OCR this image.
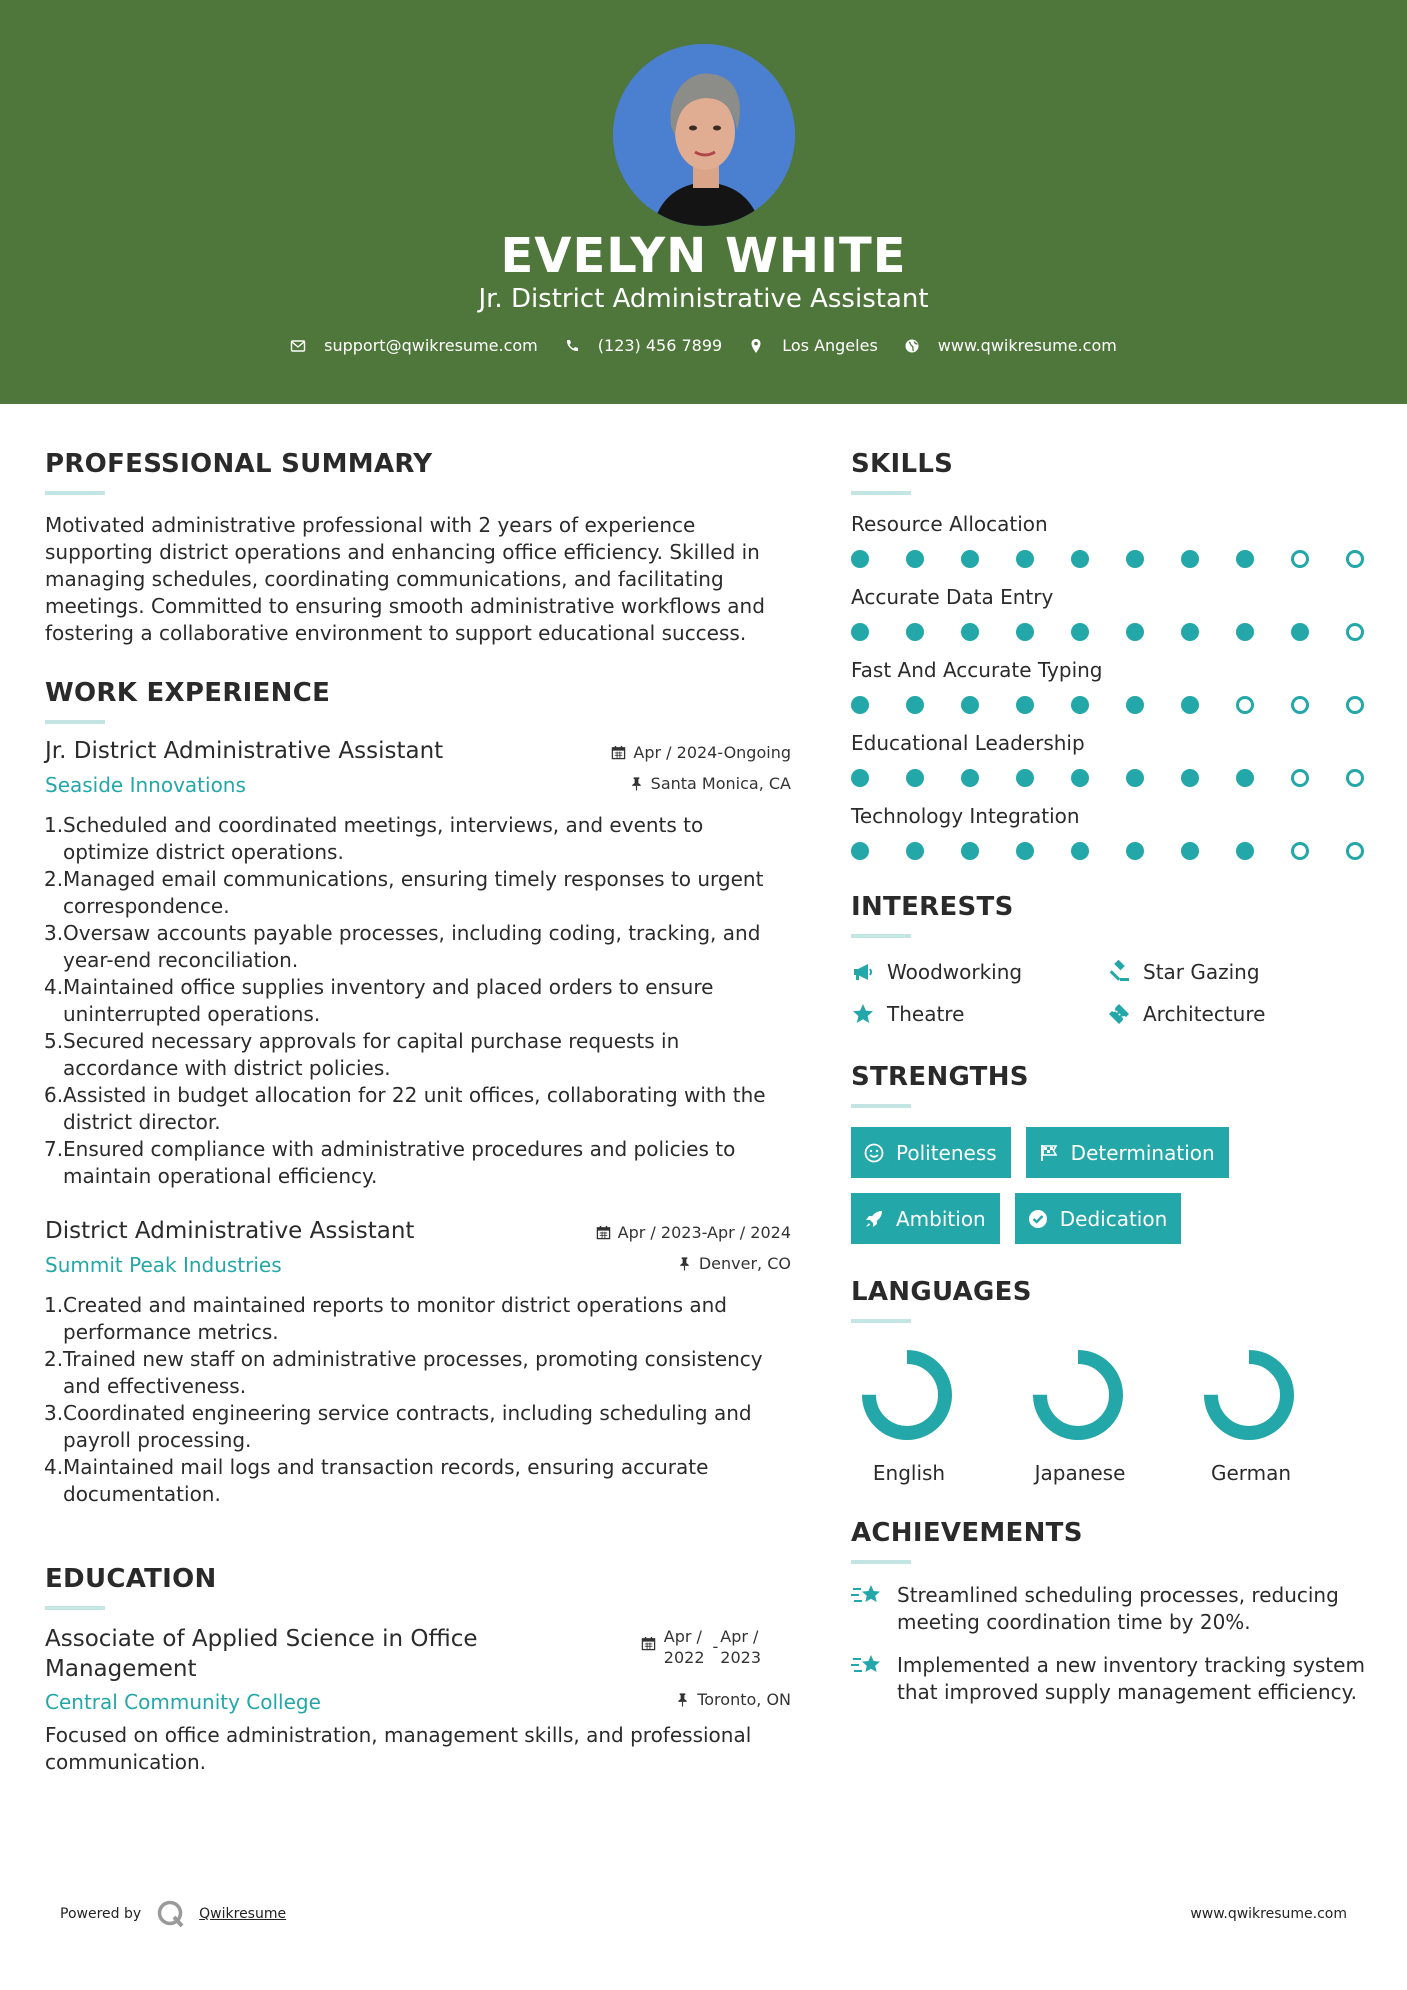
EVELYN WHITE
Jr. District Administrative Assistant
support@qwikresume.com	(123) 456 7899	Los Angeles	www.qwikresume.com
PROFESSIONAL SUMMARY
Motivated administrative professional with 2 years of experience supporting district operations and enhancing office efficiency. Skilled in managing schedules, coordinating communications, and facilitating meetings. Committed to ensuring smooth administrative workflows and fostering a collaborative environment to support educational success.
WORK EXPERIENCE
Jr. District Administrative Assistant
Seaside Innovations
Apr / 2024-Ongoing
Santa Monica, CA
1. Scheduled and coordinated meetings, interviews, and events to optimize district operations.
2. Managed email communications, ensuring timely responses to urgent correspondence.
3. Oversaw accounts payable processes, including coding, tracking, and year-end reconciliation.
4. Maintained office supplies inventory and placed orders to ensure uninterrupted operations.
5. Secured necessary approvals for capital purchase requests in accordance with district policies.
6. Assisted in budget allocation for 22 unit offices, collaborating with the district director.
7. Ensured compliance with administrative procedures and policies to maintain operational efficiency.
District Administrative Assistant
Summit Peak Industries
Apr / 2023-Apr / 2024
Denver, CO
1. Created and maintained reports to monitor district operations and performance metrics.
2. Trained new staff on administrative processes, promoting consistency and effectiveness.
3. Coordinated engineering service contracts, including scheduling and payroll processing.
4. Maintained mail logs and transaction records, ensuring accurate documentation.
EDUCATION
Associate of Applied Science in Office Management
Central Community College
Apr /
2022
-
Apr /
2023
Toronto, ON
Focused on office administration, management skills, and professional communication.
SKILLS
Resource Allocation
Accurate Data Entry
Fast And Accurate Typing
Educational Leadership
Technology Integration
INTERESTS
Woodworking	Star Gazing
Theatre	Architecture
STRENGTHS
Politeness	Determination
Ambition	Dedication
LANGUAGES
English	Japanese	German
ACHIEVEMENTS
Streamlined scheduling processes, reducing meeting coordination time by 20%.
Implemented a new inventory tracking system that improved supply management efficiency.
Powered by	Qwikresume	www.qwikresume.com
